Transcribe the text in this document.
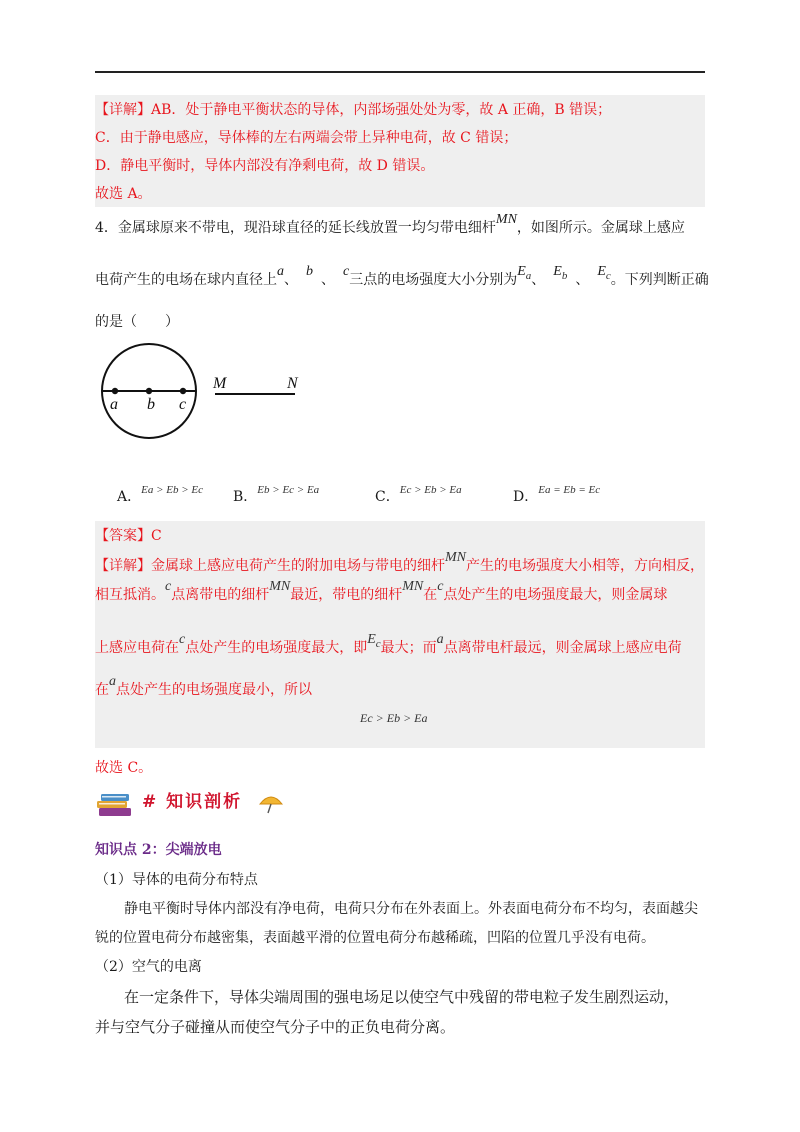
【详解】AB．处于静电平衡状态的导体，内部场强处处为零，故 A 正确，B 错误；
C．由于静电感应，导体棒的左右两端会带上异种电荷，故 C 错误；
D．静电平衡时，导体内部没有净剩电荷，故 D 错误。
故选 A。
4．金属球原来不带电，现沿球直径的延长线放置一均匀带电细杆MN，如图所示。金属球上感应
电荷产生的电场在球内直径上a、b、c三点的电场强度大小分别为$E_a$、$E_b$ 、$E_c$。下列判断正确
的是（　　）
a b c
M	N
A．Ea > Eb > Ec B．Eb > Ec > Ea	C．Ec > Eb > Ea	D．Ea = Eb = Ec
【答案】C
【详解】金属球上感应电荷产生的附加电场与带电的细杆MN产生的电场强度大小相等，方向相反，
相互抵消。c点离带电的细杆MN最近，带电的细杆MN在c点处产生的电场强度最大，则金属球
上感应电荷在c点处产生的电场强度最大，即$E_c$最大；而a点离带电杆最远，则金属球上感应电荷
在a点处产生的电场强度最小，所以
Ec > Eb > Ea
故选 C。
# 知识剖析
知识点 2：尖端放电
（1）导体的电荷分布特点
静电平衡时导体内部没有净电荷，电荷只分布在外表面上。外表面电荷分布不均匀，表面越尖
锐的位置电荷分布越密集，表面越平滑的位置电荷分布越稀疏，凹陷的位置几乎没有电荷。
（2）空气的电离
在一定条件下，导体尖端周围的强电场足以使空气中残留的带电粒子发生剧烈运动，
并与空气分子碰撞从而使空气分子中的正负电荷分离。
